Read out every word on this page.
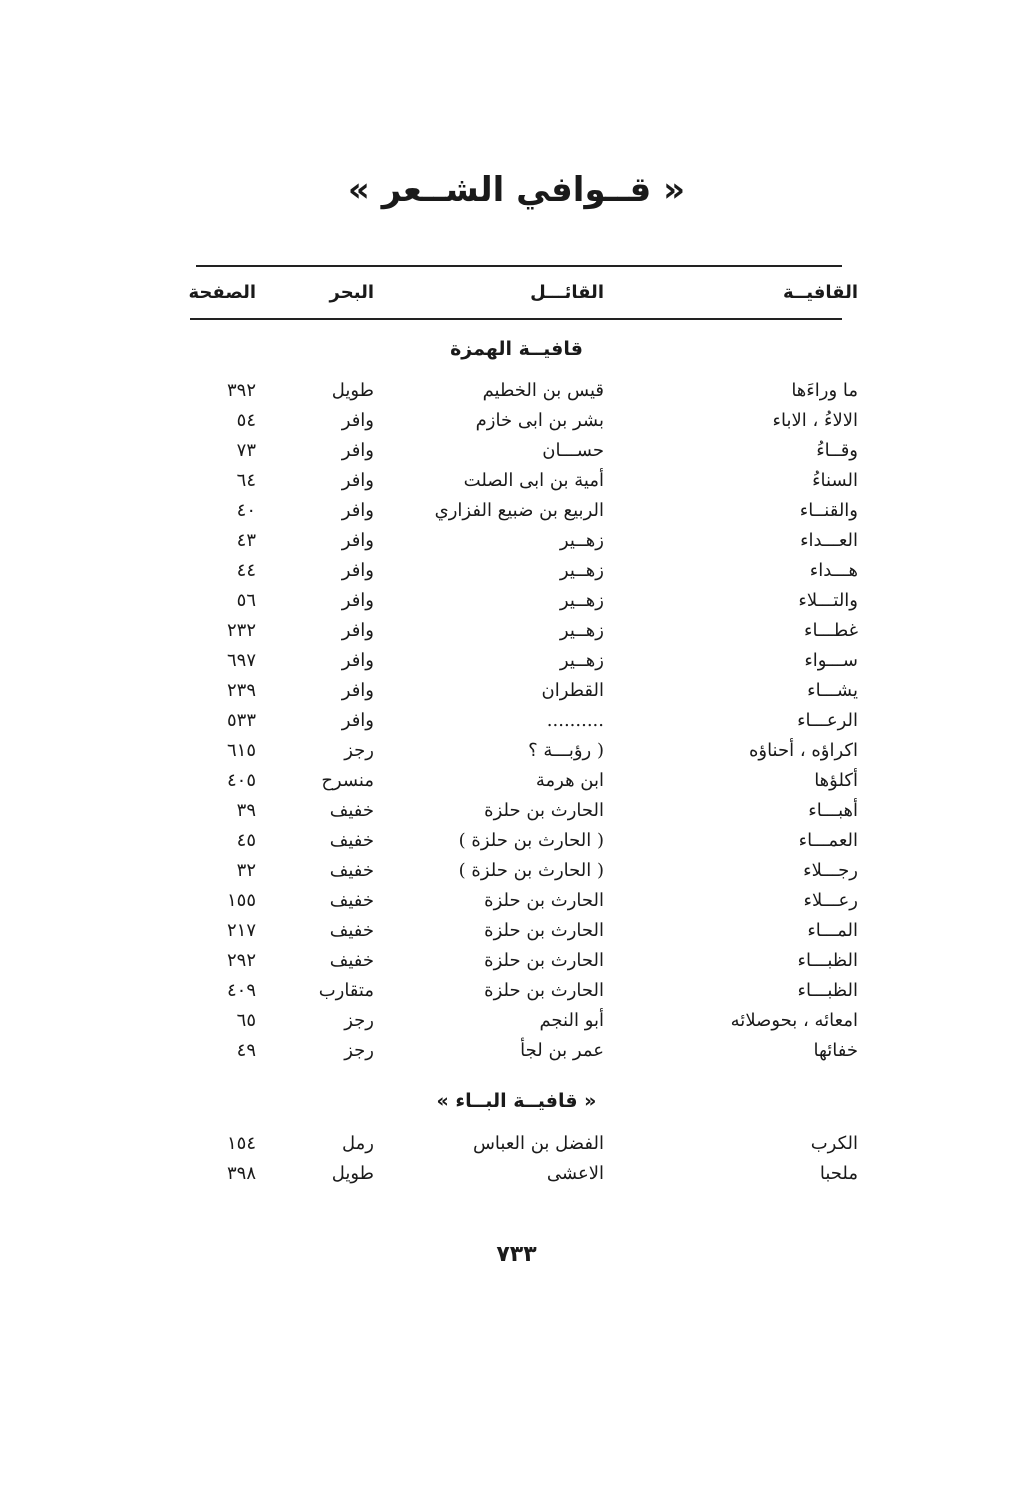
« قــوافي الشــعر »
القافيــة
القائـــل
البحر
الصفحة
قافيــة الهمزة
ما وراءَها
قيس بن الخطيم
طويل
٣٩٢
الالاءُ ، الاباء
بشر بن ابى خازم
وافر
٥٤
وقــاءُ
حســـان
وافر
٧٣
السناءُ
أمية بن ابى الصلت
وافر
٦٤
والقنــاء
الربيع بن ضبيع الفزاري
وافر
٤٠
العـــداء
زهــير
وافر
٤٣
هـــداء
زهــير
وافر
٤٤
والتـــلاء
زهــير
وافر
٥٦
غطـــاء
زهــير
وافر
٢٣٢
ســـواء
زهــير
وافر
٦٩٧
يشـــاء
القطران
وافر
٢٣٩
الرعـــاء
..........
وافر
٥٣٣
اكراؤه ، أحناؤه
( رؤبـــة ؟
رجز
٦١٥
أكلؤها
ابن هرمة
منسرح
٤٠٥
أهبـــاء
الحارث بن حلزة
خفيف
٣٩
العمـــاء
( الحارث بن حلزة )
خفيف
٤٥
رجـــلاء
( الحارث بن حلزة )
خفيف
٣٢
رعـــلاء
الحارث بن حلزة
خفيف
١٥٥
المـــاء
الحارث بن حلزة
خفيف
٢١٧
الظبـــاء
الحارث بن حلزة
خفيف
٢٩٢
الظبـــاء
الحارث بن حلزة
متقارب
٤٠٩
امعائه ، بحوصلائه
أبو النجم
رجز
٦٥
خفائها
عمر بن لجأ
رجز
٤٩
« قافيــة البــاء »
الكرب
الفضل بن العباس
رمل
١٥٤
ملحبا
الاعشى
طويل
٣٩٨
٧٣٣
